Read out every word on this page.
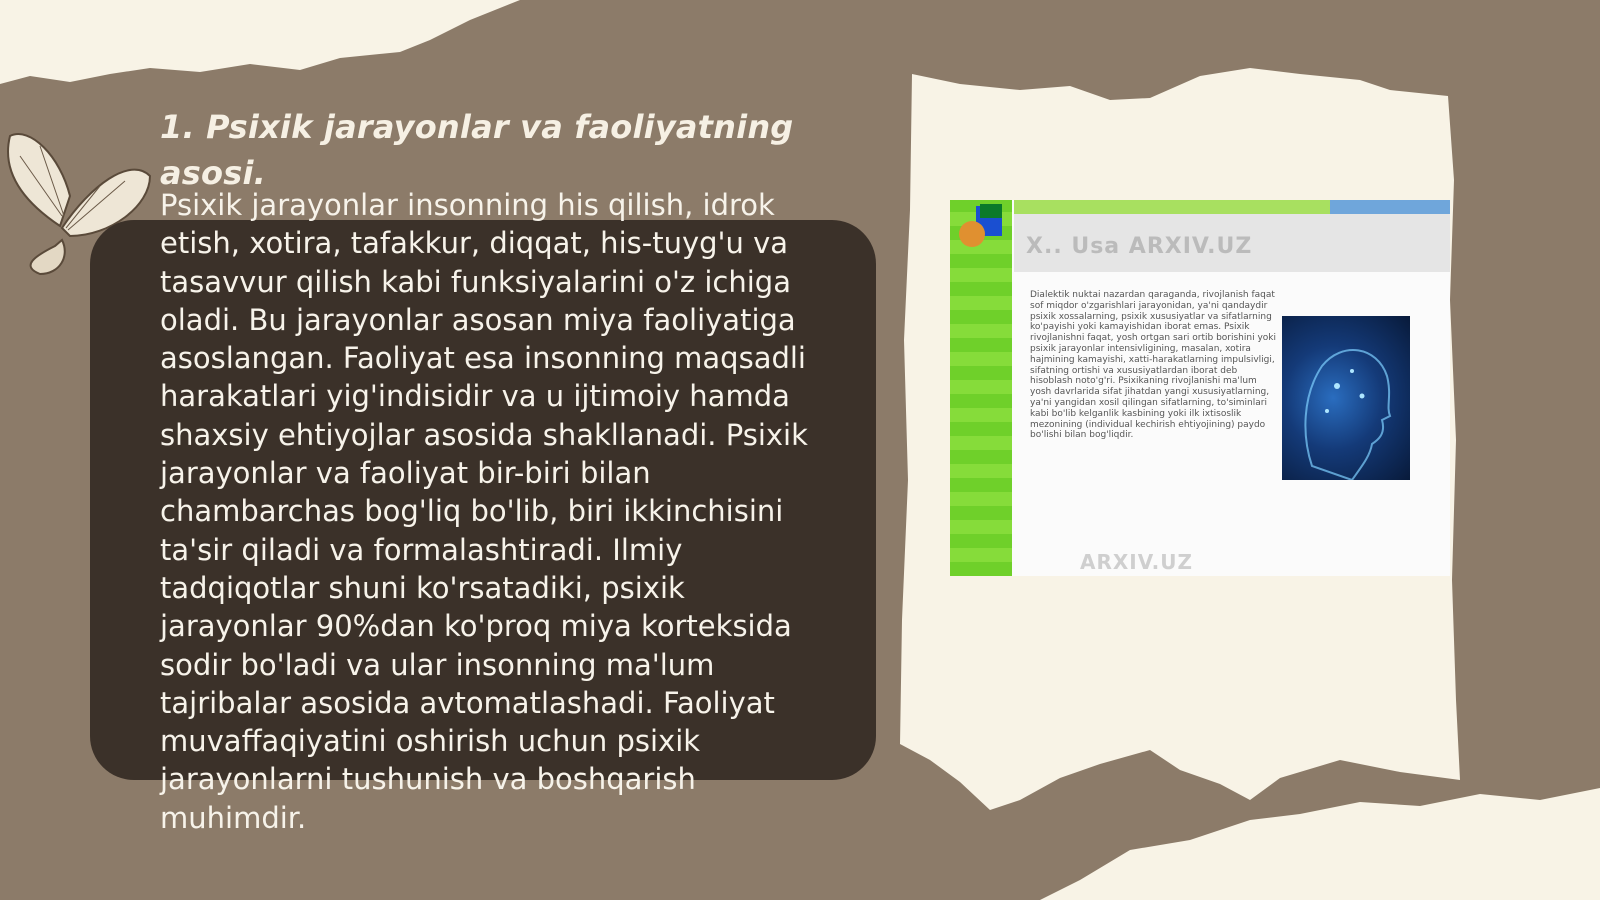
1. Psixik jarayonlar va faoliyatning asosi.

Psixik jarayonlar insonning his qilish, idrok etish, xotira, tafakkur, diqqat, his-tuyg'u va tasavvur qilish kabi funksiyalarini o'z ichiga oladi. Bu jarayonlar asosan miya faoliyatiga asoslangan. Faoliyat esa insonning maqsadli harakatlari yig'indisidir va u ijtimoiy hamda shaxsiy ehtiyojlar asosida shakllanadi. Psixik jarayonlar va faoliyat bir-biri bilan chambarchas bog'liq bo'lib, biri ikkinchisini ta'sir qiladi va formalashtiradi. Ilmiy tadqiqotlar shuni ko'rsatadiki, psixik jarayonlar 90%dan ko'proq miya korteksida sodir bo'ladi va ular insonning ma'lum tajribalar asosida avtomatlashadi. Faoliyat muvaffaqiyatini oshirish uchun psixik jarayonlarni tushunish va boshqarish muhimdir.

X.. Usa ARXIV.UZ
Dialektik nuktai nazardan qaraganda, rivojlanish faqat sof miqdor o'zgarishlari jarayonidan, ya'ni qandaydir psixik xossalarning, psixik xususiyatlar va sifatlarning ko'payishi yoki kamayishidan iborat emas. Psixik rivojlanishni faqat, yosh ortgan sari ortib borishini yoki psixik jarayonlar intensivligining, masalan, xotira hajmining kamayishi, xatti-harakatlarning impulsivligi, sifatning ortishi va xususiyatlardan iborat deb hisoblash noto'g'ri. Psixikaning rivojlanishi ma'lum yosh davrlarida sifat jihatdan yangi xususiyatlarning, ya'ni yangidan xosil qilingan sifatlarning, to'siminlari kabi bo'lib kelganlik kasbining yoki ilk ixtisoslik mezonining (individual kechirish ehtiyojining) paydo bo'lishi bilan bog'liqdir.
ARXIV.UZ
